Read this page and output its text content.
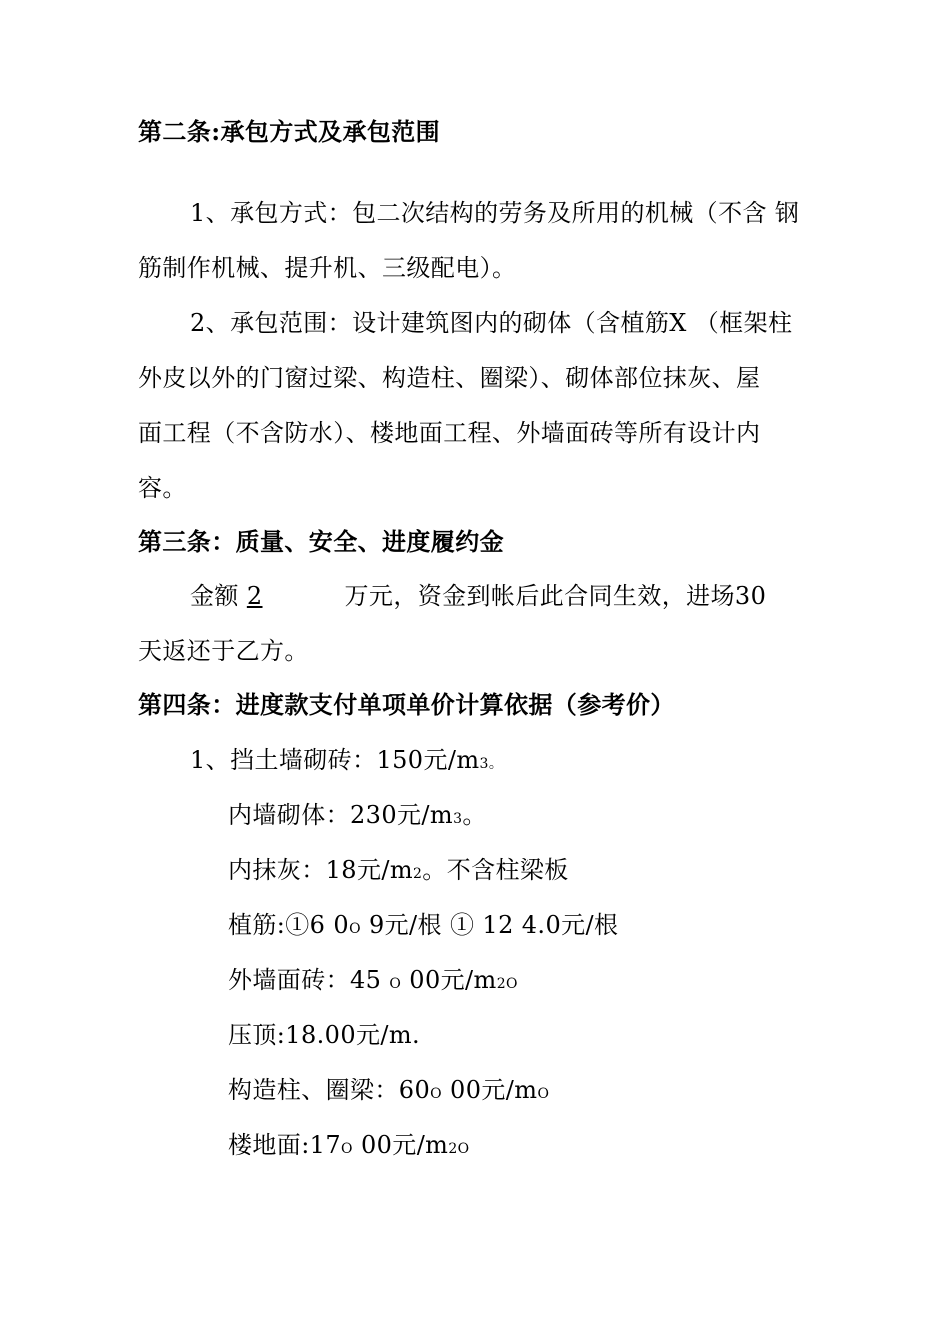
第二条:承包方式及承包范围
1、承包方式：包二次结构的劳务及所用的机械（不含 钢
筋制作机械、提升机、三级配电）。
2、承包范围：设计建筑图内的砌体（含植筋X （框架柱
外皮以外的门窗过梁、构造柱、圈梁）、砌体部位抹灰、屋
面工程（不含防水）、楼地面工程、外墙面砖等所有设计内
容。
第三条：质量、安全、进度履约金
金额 2	万元，资金到帐后此合同生效，进场30
天返还于乙方。
第四条：进度款支付单项单价计算依据（参考价）
1、挡土墙砌砖：150元/m3。
内墙砌体：230元/m3。
内抹灰：18元/m2。不含柱梁板
植筋:①6 0O 9元/根 ① 12 4.0元/根
外墙面砖：45 O 00元/m2O
压顶:18.00元/m.
构造柱、圈梁：60O 00元/mO
楼地面:17O 00元/m2O
